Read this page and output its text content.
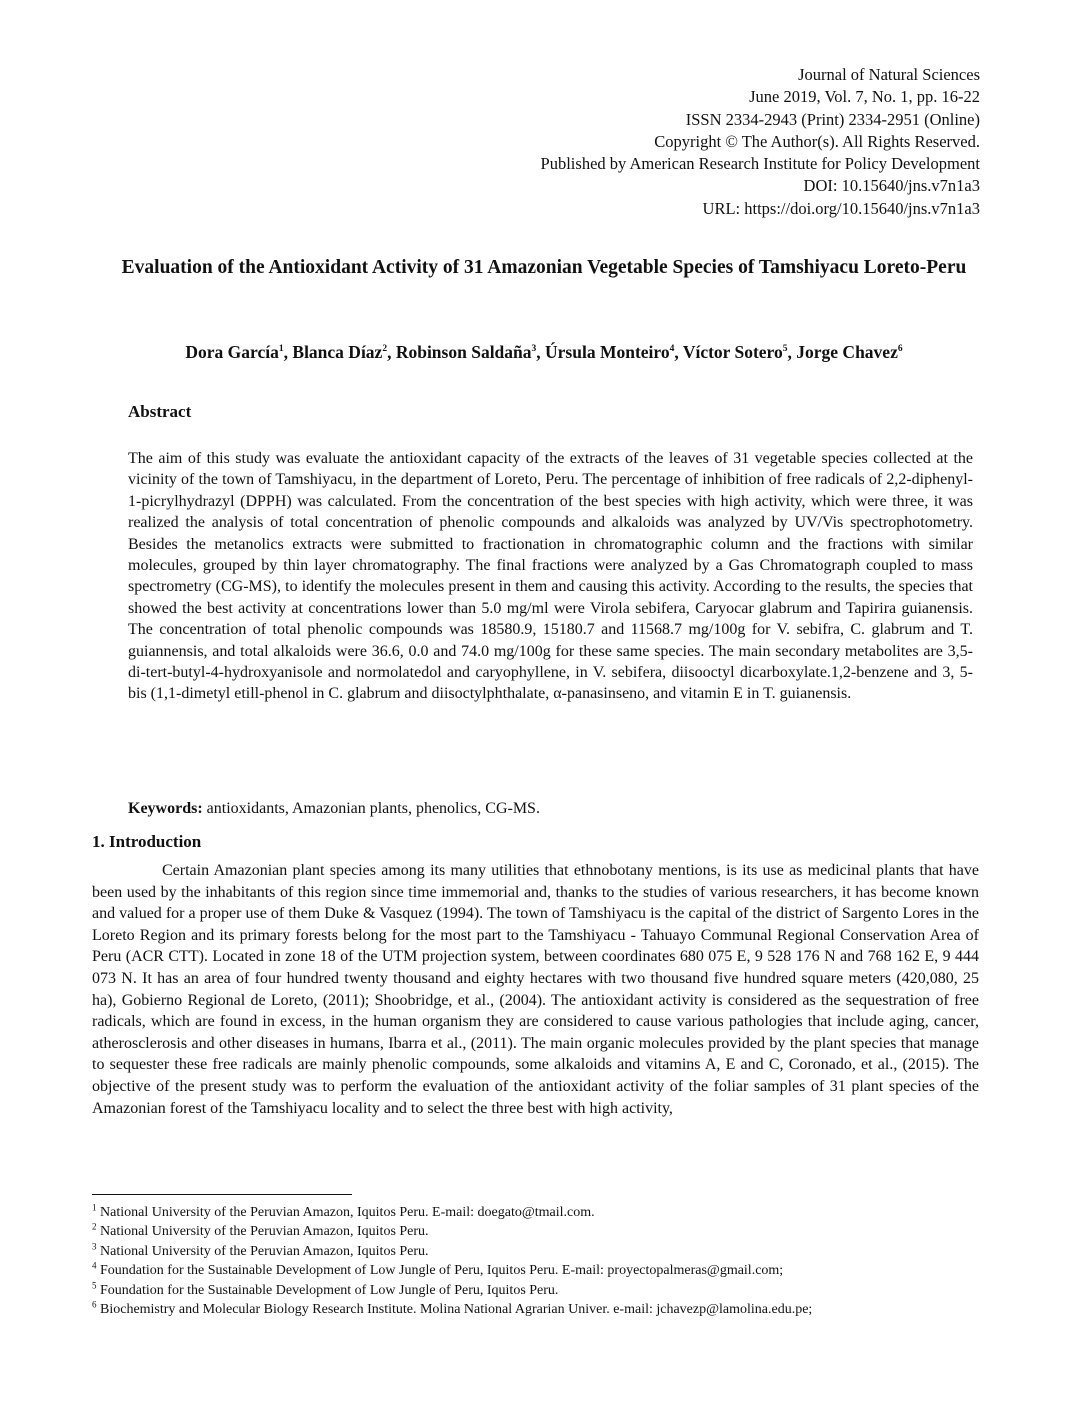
Journal of Natural Sciences
June 2019, Vol. 7, No. 1, pp. 16-22
ISSN 2334-2943 (Print) 2334-2951 (Online)
Copyright © The Author(s). All Rights Reserved.
Published by American Research Institute for Policy Development
DOI: 10.15640/jns.v7n1a3
URL: https://doi.org/10.15640/jns.v7n1a3
Evaluation of the Antioxidant Activity of 31 Amazonian Vegetable Species of Tamshiyacu Loreto-Peru
Dora García$^1$, Blanca Díaz$^2$, Robinson Saldaña$^3$, Úrsula Monteiro$^4$, Víctor Sotero$^5$, Jorge Chavez$^6$
Abstract
The aim of this study was evaluate the antioxidant capacity of the extracts of the leaves of 31 vegetable species collected at the vicinity of the town of Tamshiyacu, in the department of Loreto, Peru. The percentage of inhibition of free radicals of 2,2-diphenyl-1-picrylhydrazyl (DPPH) was calculated. From the concentration of the best species with high activity, which were three, it was realized the analysis of total concentration of phenolic compounds and alkaloids was analyzed by UV/Vis spectrophotometry. Besides the metanolics extracts were submitted to fractionation in chromatographic column and the fractions with similar molecules, grouped by thin layer chromatography. The final fractions were analyzed by a Gas Chromatograph coupled to mass spectrometry (CG-MS), to identify the molecules present in them and causing this activity. According to the results, the species that showed the best activity at concentrations lower than 5.0 mg/ml were Virola sebifera, Caryocar glabrum and Tapirira guianensis. The concentration of total phenolic compounds was 18580.9, 15180.7 and 11568.7 mg/100g for V. sebifra, C. glabrum and T. guiannensis, and total alkaloids were 36.6, 0.0 and 74.0 mg/100g for these same species. The main secondary metabolites are 3,5-di-tert-butyl-4-hydroxyanisole and normolatedol and caryophyllene, in V. sebifera, diisooctyl dicarboxylate.1,2-benzene and 3, 5-bis (1,1-dimetyl etill-phenol in C. glabrum and diisoctylphthalate, α-panasinseno, and vitamin E in T. guianensis.
Keywords: antioxidants, Amazonian plants, phenolics, CG-MS.
1. Introduction
Certain Amazonian plant species among its many utilities that ethnobotany mentions, is its use as medicinal plants that have been used by the inhabitants of this region since time immemorial and, thanks to the studies of various researchers, it has become known and valued for a proper use of them Duke & Vasquez (1994). The town of Tamshiyacu is the capital of the district of Sargento Lores in the Loreto Region and its primary forests belong for the most part to the Tamshiyacu - Tahuayo Communal Regional Conservation Area of Peru (ACR CTT). Located in zone 18 of the UTM projection system, between coordinates 680 075 E, 9 528 176 N and 768 162 E, 9 444 073 N. It has an area of four hundred twenty thousand and eighty hectares with two thousand five hundred square meters (420,080, 25 ha), Gobierno Regional de Loreto, (2011); Shoobridge, et al., (2004). The antioxidant activity is considered as the sequestration of free radicals, which are found in excess, in the human organism they are considered to cause various pathologies that include aging, cancer, atherosclerosis and other diseases in humans, Ibarra et al., (2011). The main organic molecules provided by the plant species that manage to sequester these free radicals are mainly phenolic compounds, some alkaloids and vitamins A, E and C, Coronado, et al., (2015). The objective of the present study was to perform the evaluation of the antioxidant activity of the foliar samples of 31 plant species of the Amazonian forest of the Tamshiyacu locality and to select the three best with high activity,
$^1$ National University of the Peruvian Amazon, Iquitos Peru. E-mail: doegato@tmail.com.
$^2$ National University of the Peruvian Amazon, Iquitos Peru.
$^3$ National University of the Peruvian Amazon, Iquitos Peru.
$^4$ Foundation for the Sustainable Development of Low Jungle of Peru, Iquitos Peru. E-mail: proyectopalmeras@gmail.com;
$^5$ Foundation for the Sustainable Development of Low Jungle of Peru, Iquitos Peru.
$^6$ Biochemistry and Molecular Biology Research Institute. Molina National Agrarian Univer. e-mail: jchavezp@lamolina.edu.pe;
